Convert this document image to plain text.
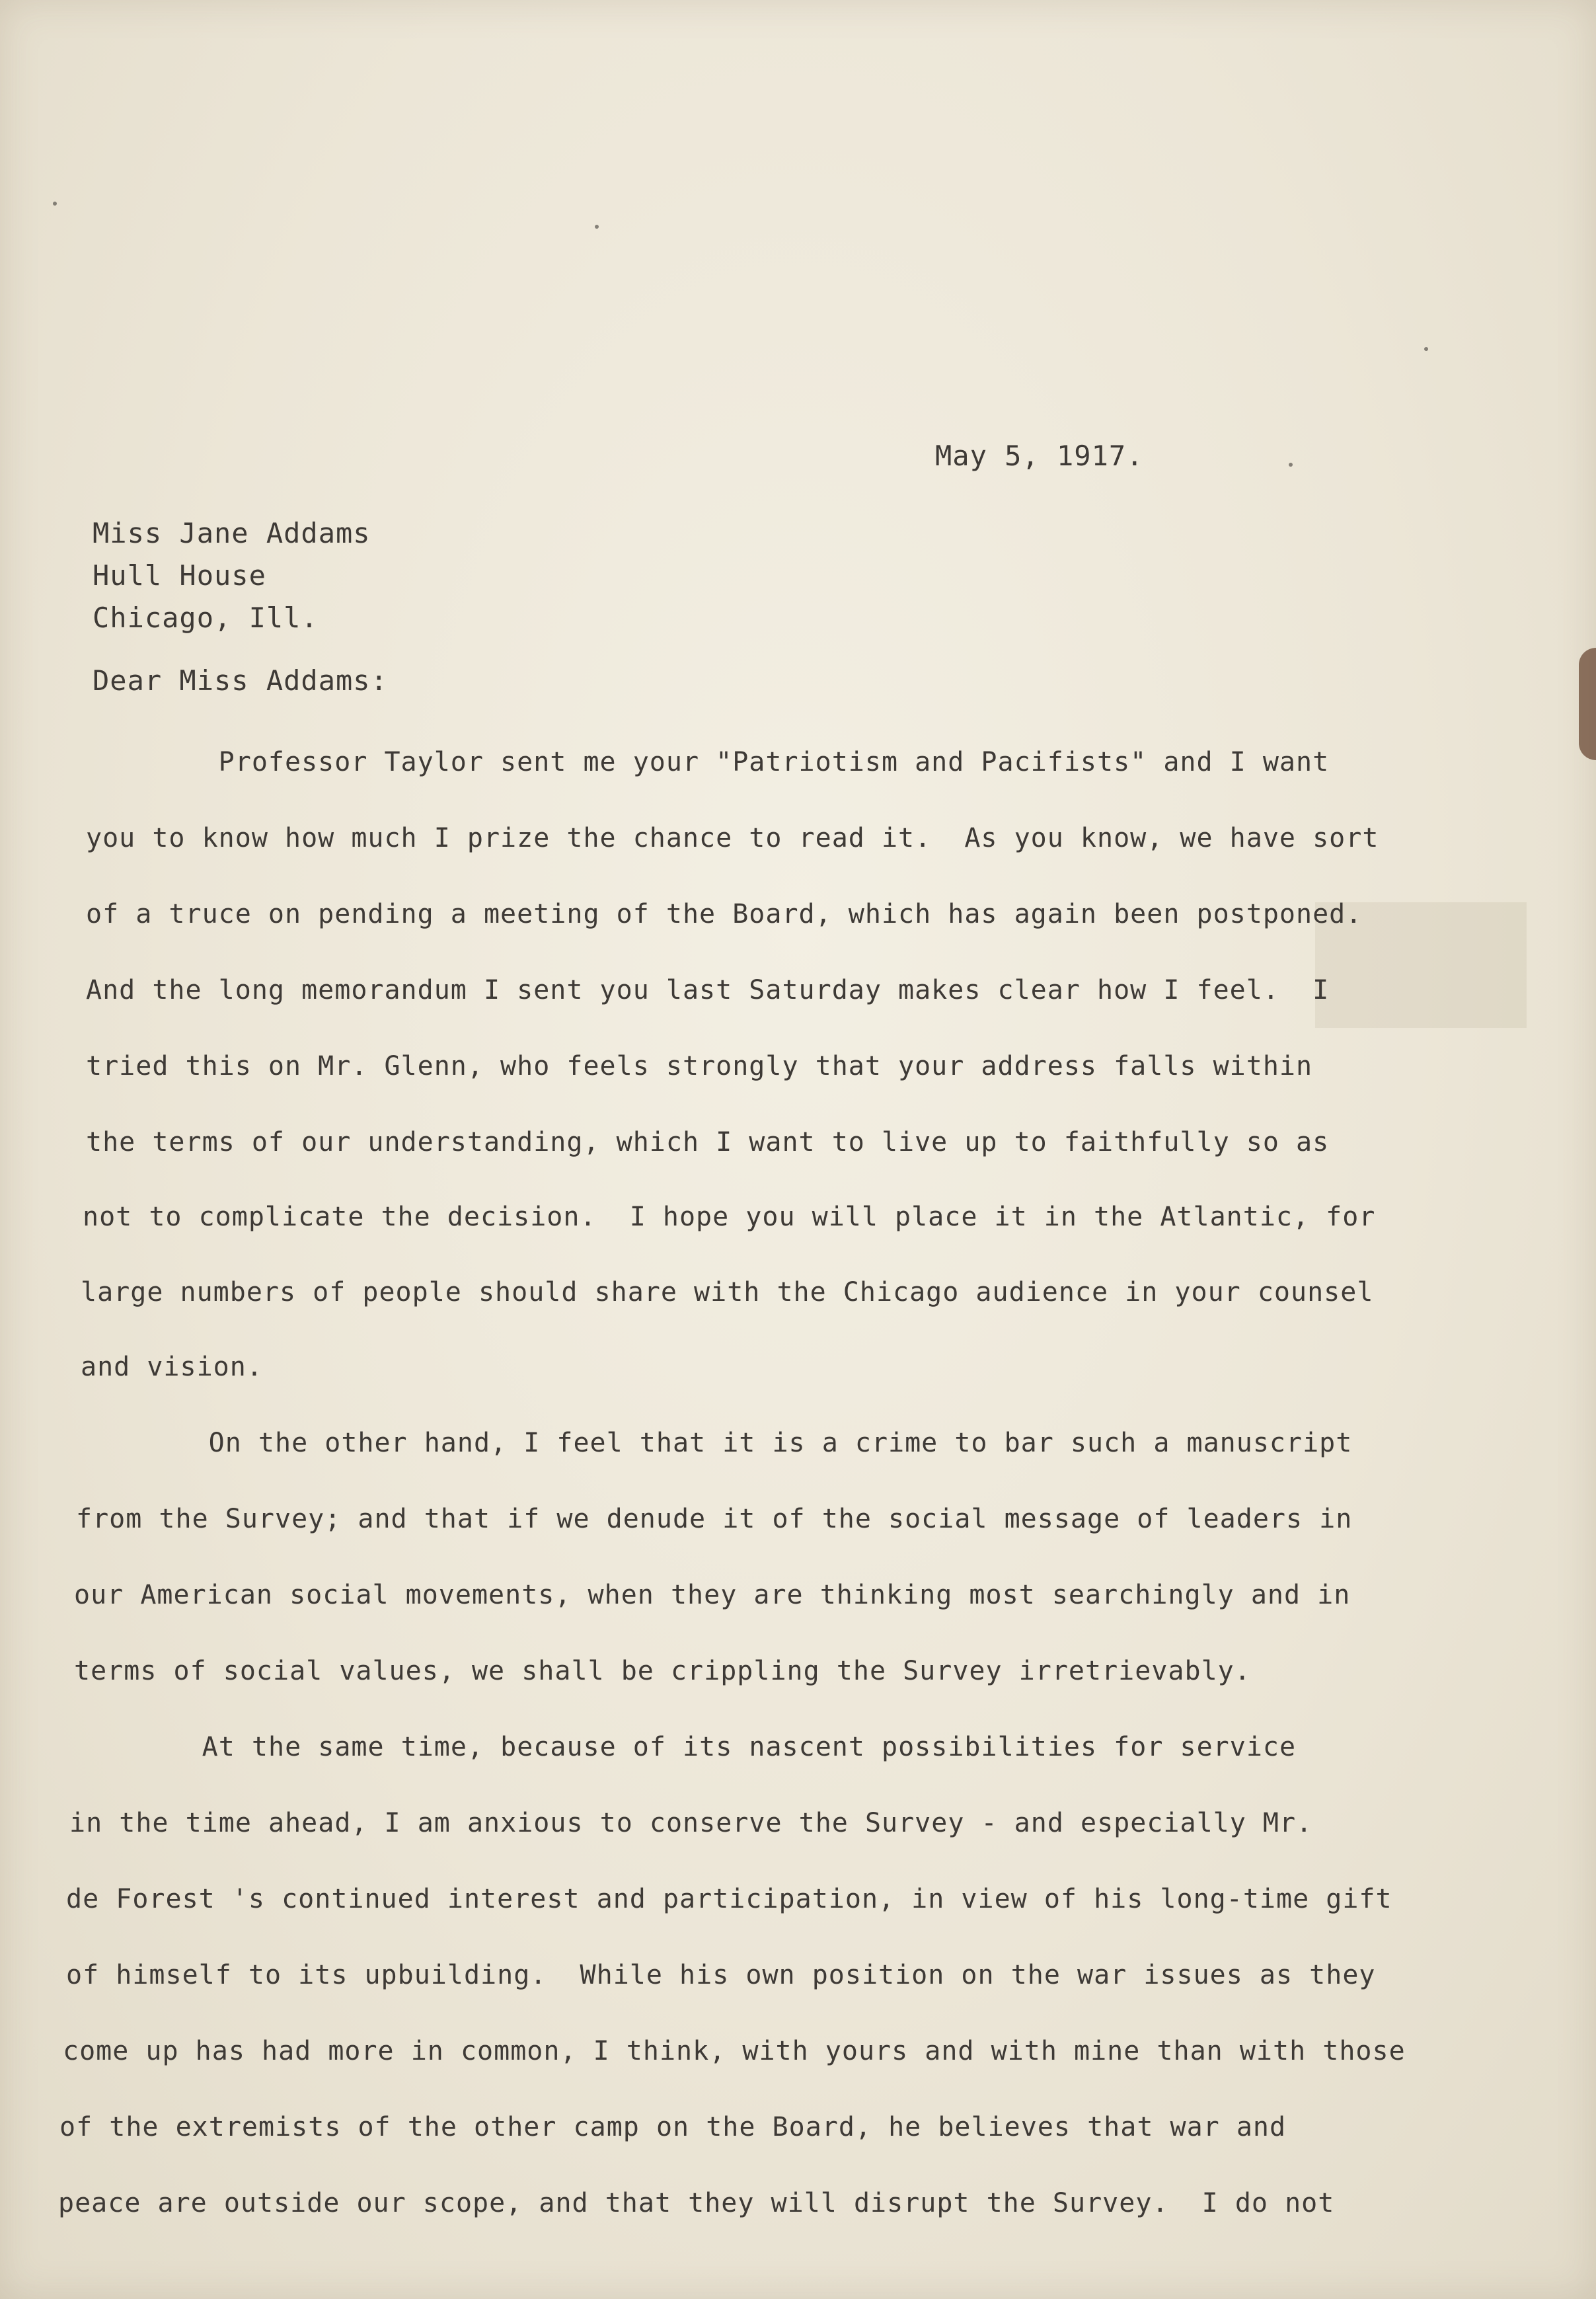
May 5, 1917.
Miss Jane Addams
Hull House
Chicago, Ill.
Dear Miss Addams:
Professor Taylor sent me your "Patriotism and Pacifists" and I want
you to know how much I prize the chance to read it.  As you know, we have sort
of a truce on pending a meeting of the Board, which has again been postponed.
And the long memorandum I sent you last Saturday makes clear how I feel.  I
tried this on Mr. Glenn, who feels strongly that your address falls within
the terms of our understanding, which I want to live up to faithfully so as
not to complicate the decision.  I hope you will place it in the Atlantic, for
large numbers of people should share with the Chicago audience in your counsel
and vision.
On the other hand, I feel that it is a crime to bar such a manuscript
from the Survey; and that if we denude it of the social message of leaders in
our American social movements, when they are thinking most searchingly and in
terms of social values, we shall be crippling the Survey irretrievably.
At the same time, because of its nascent possibilities for service
in the time ahead, I am anxious to conserve the Survey - and especially Mr.
de Forest 's continued interest and participation, in view of his long-time gift
of himself to its upbuilding.  While his own position on the war issues as they
come up has had more in common, I think, with yours and with mine than with those
of the extremists of the other camp on the Board, he believes that war and
peace are outside our scope, and that they will disrupt the Survey.  I do not
